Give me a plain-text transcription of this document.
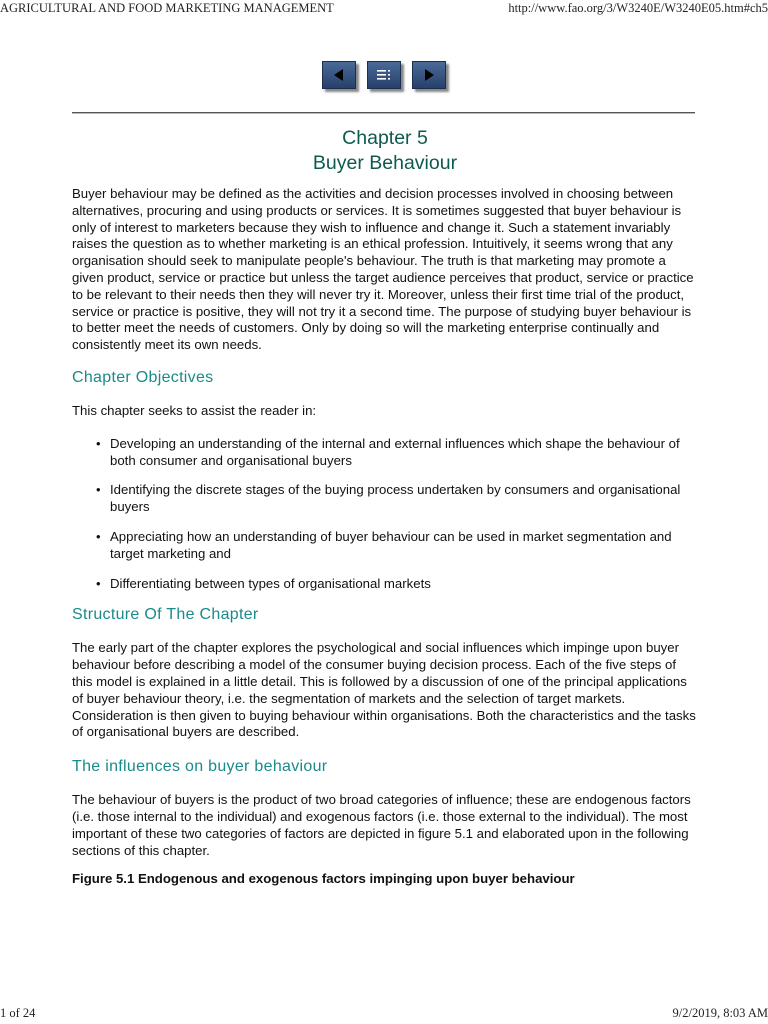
AGRICULTURAL AND FOOD MARKETING MANAGEMENT	http://www.fao.org/3/W3240E/W3240E05.htm#ch5
Chapter 5
Buyer Behaviour

Buyer behaviour may be defined as the activities and decision processes involved in choosing between alternatives, procuring and using products or services. It is sometimes suggested that buyer behaviour is only of interest to marketers because they wish to influence and change it. Such a statement invariably raises the question as to whether marketing is an ethical profession. Intuitively, it seems wrong that any organisation should seek to manipulate people's behaviour. The truth is that marketing may promote a given product, service or practice but unless the target audience perceives that product, service or practice to be relevant to their needs then they will never try it. Moreover, unless their first time trial of the product, service or practice is positive, they will not try it a second time. The purpose of studying buyer behaviour is to better meet the needs of customers. Only by doing so will the marketing enterprise continually and consistently meet its own needs.

Chapter Objectives

This chapter seeks to assist the reader in:

• Developing an understanding of the internal and external influences which shape the behaviour of both consumer and organisational buyers
• Identifying the discrete stages of the buying process undertaken by consumers and organisational buyers
• Appreciating how an understanding of buyer behaviour can be used in market segmentation and target marketing and
• Differentiating between types of organisational markets
Structure Of The Chapter

The early part of the chapter explores the psychological and social influences which impinge upon buyer behaviour before describing a model of the consumer buying decision process. Each of the five steps of this model is explained in a little detail. This is followed by a discussion of one of the principal applications of buyer behaviour theory, i.e. the segmentation of markets and the selection of target markets. Consideration is then given to buying behaviour within organisations. Both the characteristics and the tasks of organisational buyers are described.

The influences on buyer behaviour

The behaviour of buyers is the product of two broad categories of influence; these are endogenous factors (i.e. those internal to the individual) and exogenous factors (i.e. those external to the individual). The most important of these two categories of factors are depicted in figure 5.1 and elaborated upon in the following sections of this chapter.

Figure 5.1 Endogenous and exogenous factors impinging upon buyer behaviour

1 of 24	9/2/2019, 8:03 AM
